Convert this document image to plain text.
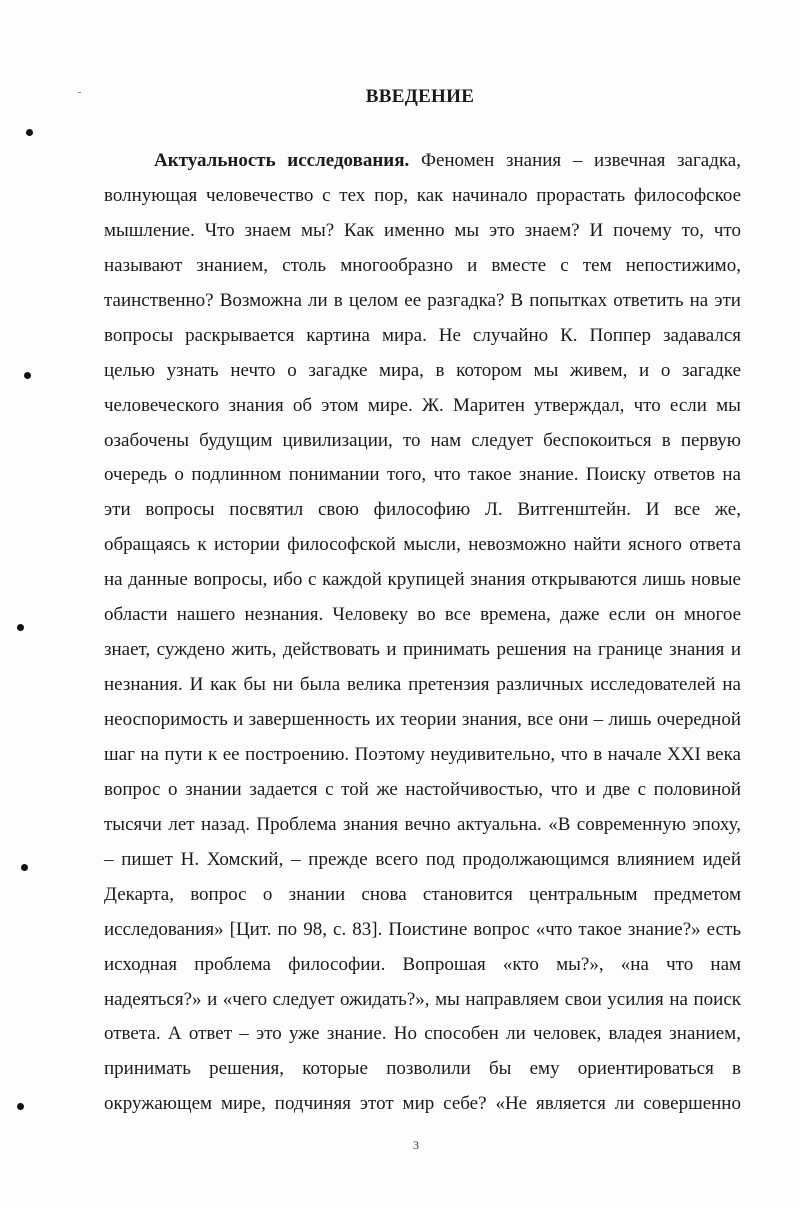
ВВЕДЕНИЕ
Актуальность исследования. Феномен знания – извечная загадка,
волнующая человечество с тех пор, как начинало прорастать философское
мышление. Что знаем мы? Как именно мы это знаем? И почему то, что
называют знанием, столь многообразно и вместе с тем непостижимо,
таинственно? Возможна ли в целом ее разгадка? В попытках ответить на эти
вопросы раскрывается картина мира. Не случайно К. Поппер задавался
целью узнать нечто о загадке мира, в котором мы живем, и о загадке
человеческого знания об этом мире. Ж. Маритен утверждал, что если мы
озабочены будущим цивилизации, то нам следует беспокоиться в первую
очередь о подлинном понимании того, что такое знание. Поиску ответов на
эти вопросы посвятил свою философию Л. Витгенштейн. И все же,
обращаясь к истории философской мысли, невозможно найти ясного ответа
на данные вопросы, ибо с каждой крупицей знания открываются лишь новые
области нашего незнания. Человеку во все времена, даже если он многое
знает, суждено жить, действовать и принимать решения на границе знания и
незнания. И как бы ни была велика претензия различных исследователей на
неоспоримость и завершенность их теории знания, все они – лишь очередной
шаг на пути к ее построению. Поэтому неудивительно, что в начале XXI века
вопрос о знании задается с той же настойчивостью, что и две с половиной
тысячи лет назад. Проблема знания вечно актуальна. «В современную эпоху,
– пишет Н. Хомский, – прежде всего под продолжающимся влиянием идей
Декарта, вопрос о знании снова становится центральным предметом
исследования» [Цит. по 98, с. 83]. Поистине вопрос «что такое знание?» есть
исходная проблема философии. Вопрошая «кто мы?», «на что нам
надеяться?» и «чего следует ожидать?», мы направляем свои усилия на поиск
ответа. А ответ – это уже знание. Но способен ли человек, владея знанием,
принимать решения, которые позволили бы ему ориентироваться в
окружающем мире, подчиняя этот мир себе? «Не является ли совершенно
3
